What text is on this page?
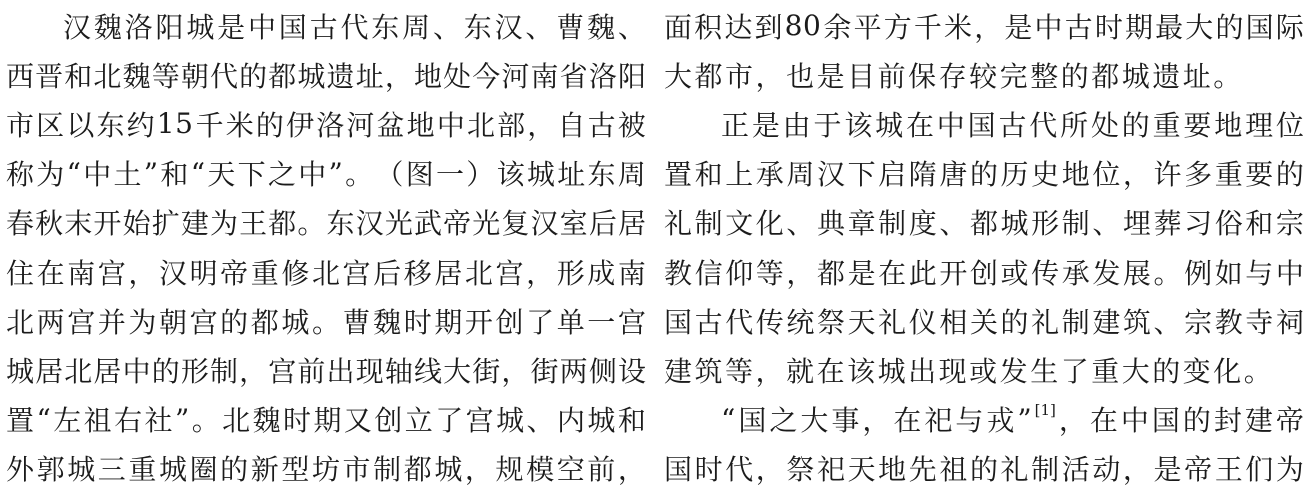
汉 魏 洛 阳 城 是 中 国 古 代 东 周 、 东 汉 、 曹 魏 、
西 晋 和 北 魏 等 朝 代 的 都 城 遗 址 ， 地 处 今 河 南 省 洛 阳
市 区 以 东 约 15 千 米 的 伊 洛 河 盆 地 中 北 部 ， 自 古 被
称 为 “ 中 土 ” 和 “ 天 下 之 中 ” 。 （ 图 一 ） 该 城 址 东 周
春 秋 末 开 始 扩 建 为 王 都 。 东 汉 光 武 帝 光 复 汉 室 后 居
住 在 南 宫 ， 汉 明 帝 重 修 北 宫 后 移 居 北 宫 ， 形 成 南
北 两 宫 并 为 朝 宫 的 都 城 。 曹 魏 时 期 开 创 了 单 一 宫
城 居 北 居 中 的 形 制 ， 宫 前 出 现 轴 线 大 街 ， 街 两 侧 设
置 “ 左 祖 右 社 ” 。 北 魏 时 期 又 创 立 了 宫 城 、 内 城 和
外 郭 城 三 重 城 圈 的 新 型 坊 市 制 都 城 ， 规 模 空 前 ，
面 积 达 到 80 余 平 方 千 米 ， 是 中 古 时 期 最 大 的 国 际
大 都 市 ， 也 是 目 前 保 存 较 完 整 的 都 城 遗 址 。
正 是 由 于 该 城 在 中 国 古 代 所 处 的 重 要 地 理 位
置 和 上 承 周 汉 下 启 隋 唐 的 历 史 地 位 ， 许 多 重 要 的
礼 制 文 化 、 典 章 制 度 、 都 城 形 制 、 埋 葬 习 俗 和 宗
教 信 仰 等 ， 都 是 在 此 开 创 或 传 承 发 展 。 例 如 与 中
国 古 代 传 统 祭 天 礼 仪 相 关 的 礼 制 建 筑 、 宗 教 寺 祠
建 筑 等 ， 就 在 该 城 出 现 或 发 生 了 重 大 的 变 化 。
“ 国 之 大 事 ， 在 祀 与 戎 ” [1] ， 在 中 国 的 封 建 帝
国 时 代 ， 祭 祀 天 地 先 祖 的 礼 制 活 动 ， 是 帝 王 们 为
